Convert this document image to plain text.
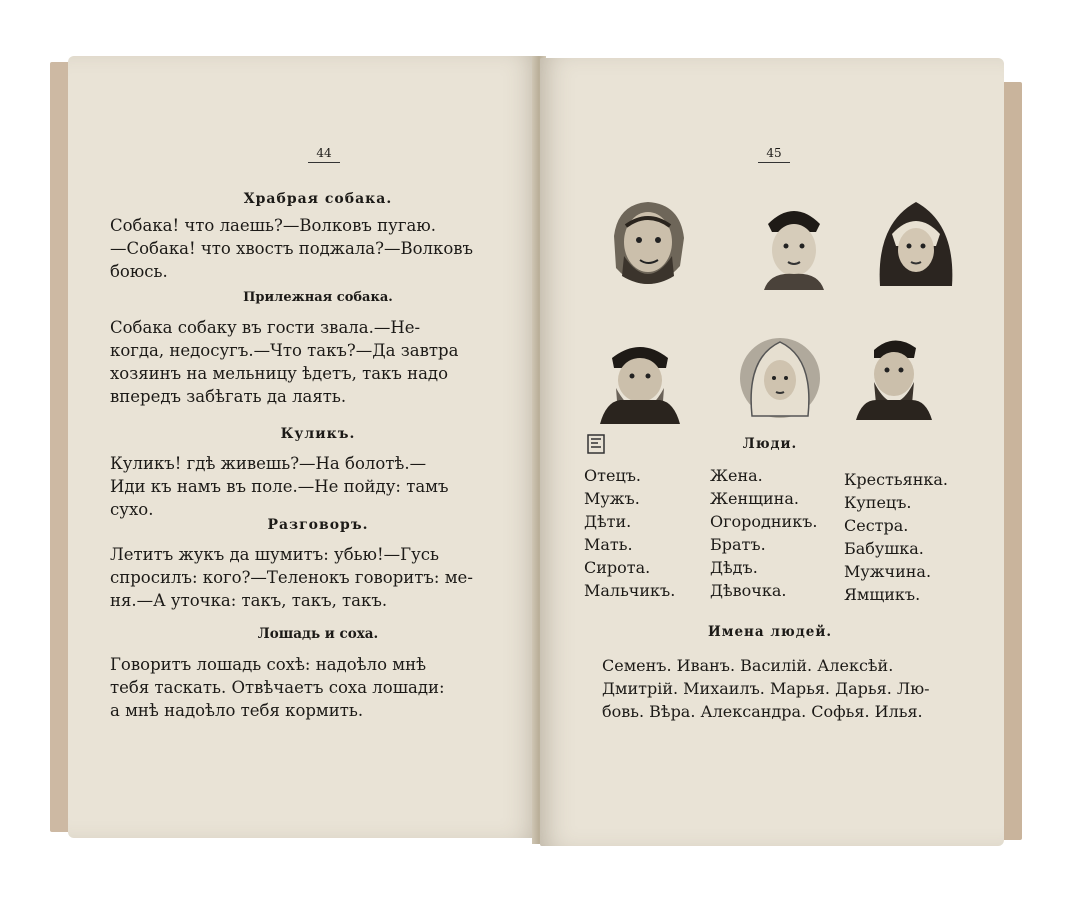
44
Храбрая собака.
Собака! что лаешь?—Волковъ пугаю.
—Собака! что хвостъ поджала?—Волковъ
боюсь.
Прилежная собака.
Собака собаку въ гости звала.—Не-
когда, недосугъ.—Что такъ?—Да завтра
хозяинъ на мельницу ѣдетъ, такъ надо
впередъ забѣгать да лаять.
Куликъ.
Куликъ! гдѣ живешь?—На болотѣ.—
Иди къ намъ въ поле.—Не пойду: тамъ
сухо.
Разговоръ.
Летитъ жукъ да шумитъ: убью!—Гусь
спросилъ: кого?—Теленокъ говоритъ: ме-
ня.—А уточка: такъ, такъ, такъ.
Лошадь и соха.
Говоритъ лошадь сохѣ: надоѣло мнѣ
тебя таскать. Отвѣчаетъ соха лошади:
а мнѣ надоѣло тебя кормить.
45
Люди.
Отецъ.
Мужъ.
Дѣти.
Мать.
Сирота.
Мальчикъ.
Жена.
Женщина.
Огородникъ.
Братъ.
Дѣдъ.
Дѣвочка.
Крестьянка.
Купецъ.
Сестра.
Бабушка.
Мужчина.
Ямщикъ.
Имена людей.
Семенъ. Иванъ. Василій. Алексѣй.
Дмитрій. Михаилъ. Марья. Дарья. Лю-
бовь. Вѣра. Александра. Софья. Илья.
